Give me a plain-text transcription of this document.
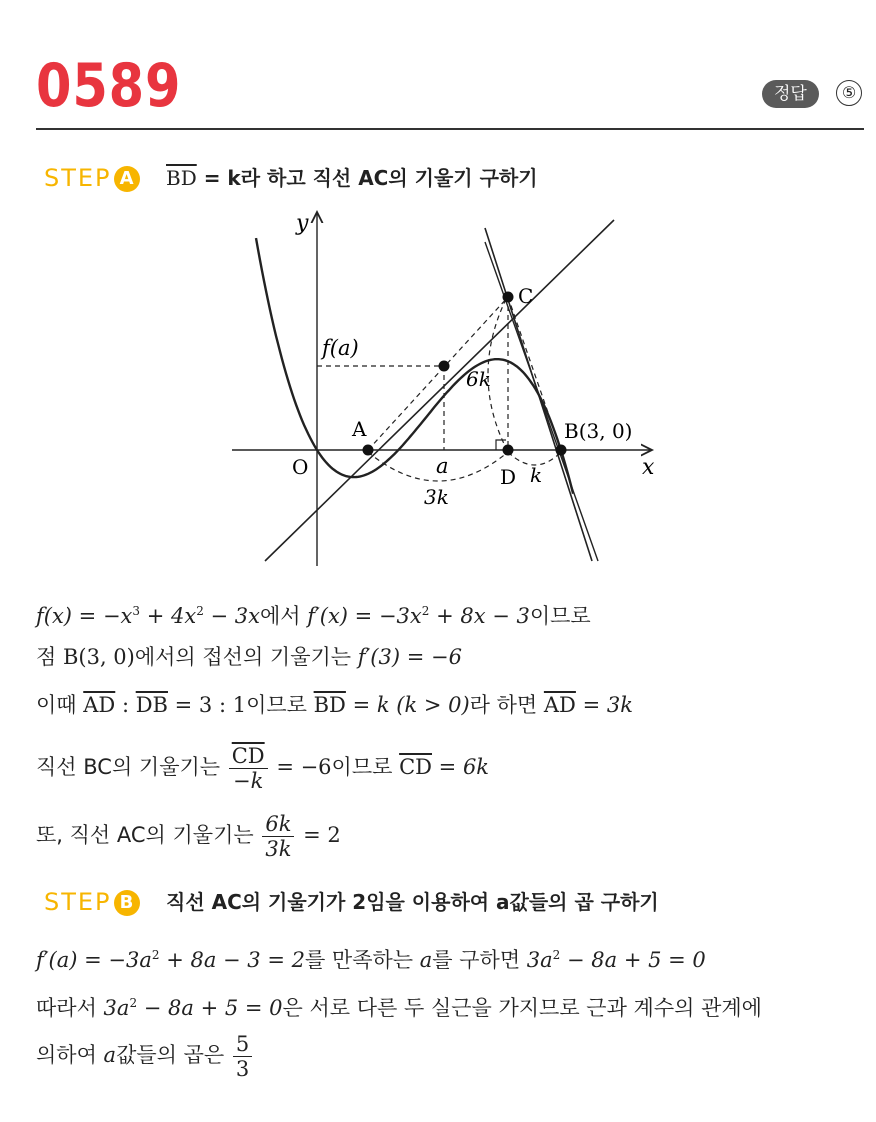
0589	정답	⑤
STEP A	$\overline{BD} = k$라 하고 직선 AC의 기울기 구하기
y
x
O
f(a)
a
A	B(3, 0)
C
D
6k
3k
k
$f(x) = -x^3 + 4x^2 - 3x$에서 $f'(x) = -3x^2 + 8x - 3$이므로
점 B(3, 0)에서의 접선의 기울기는 f′(3) = −6
이때 $\overline{AD}$ : $\overline{DB} = 3$ : 1이므로 $\overline{BD} = k$ (k > 0)라 하면 $\overline{AD} = 3k$
직선 BC의 기울기는 $\frac{\overline{CD}}{-k} = -6$이므로 $\overline{CD} = 6k$
또, 직선 AC의 기울기는 $\frac{6k}{3k} = 2$
STEP B	직선 AC의 기울기가 2임을 이용하여 a값들의 곱 구하기
$f'(a) = -3a^2 + 8a - 3 = 2$를 만족하는 a를 구하면 $3a^2 - 8a + 5 = 0$
따라서 $3a^2 - 8a + 5 = 0$은 서로 다른 두 실근을 가지므로 근과 계수의 관계에
의하여 a값들의 곱은 $\frac{5}{3}$
